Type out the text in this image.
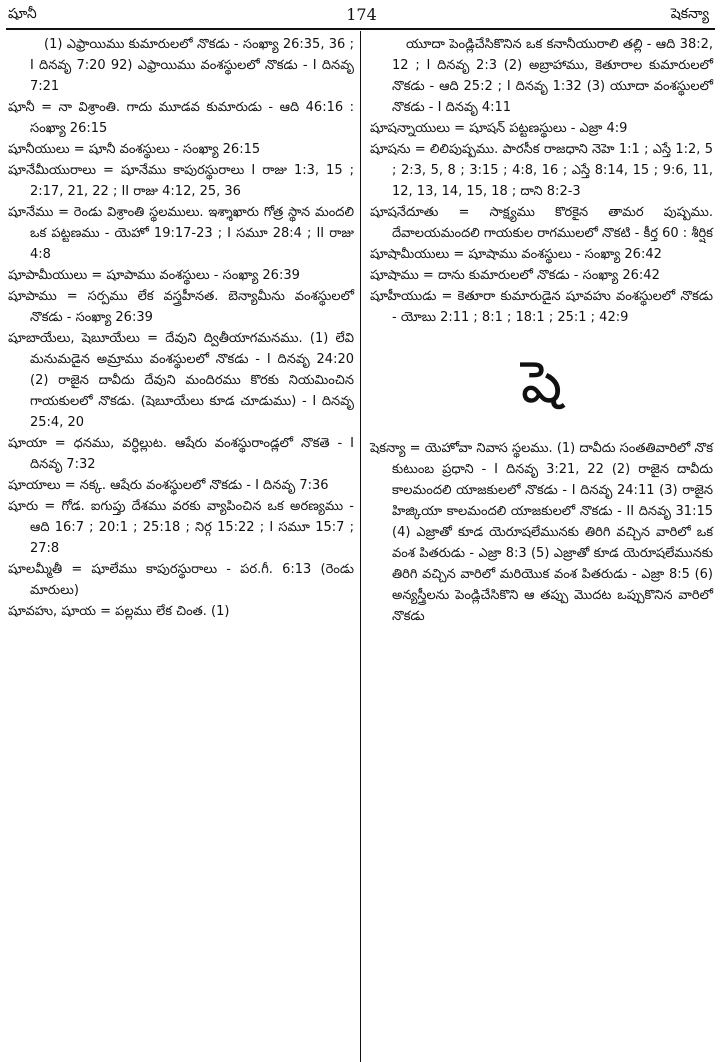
షూనీ	174	షెకన్యా

(1) ఎఫ్రాయిము కుమారులలో నొకడు - సంఖ్యా 26:35, 36 ; I దినవృ 7:20 92) ఎఫ్రాయిము వంశస్థులలో నొకడు - I దినవృ 7:21

షూనీ = నా విశ్రాంతి. గాదు మూడవ కుమారుడు - ఆది 46:16 : సంఖ్యా 26:15

షూనీయులు = షూనీ వంశస్థులు - సంఖ్యా 26:15

షూనేమీయురాలు = షూనేము కాపురస్థురాలు I రాజు 1:3, 15 ; 2:17, 21, 22 ; II రాజు 4:12, 25, 36

షూనేము = రెండు విశ్రాంతి స్థలములు. ఇశ్శాఖారు గోత్ర స్థాన మందలి ఒక పట్టణము - యెహో 19:17-23 ; I సమూ 28:4 ; II రాజు 4:8

షూపామీయులు = షూపాము వంశస్థులు - సంఖ్యా 26:39

షూపాము = సర్పము లేక వస్త్రహీనత. బెన్యామీను వంశస్థులలో నొకడు - సంఖ్యా 26:39

షూబాయేలు, షెబూయేలు = దేవుని ద్వితీయాగమనము. (1) లేవి మనుమడైన అమ్రాము వంశస్థులలో నొకడు - I దినవృ 24:20 (2) రాజైన దావీదు దేవుని మందిరము కొరకు నియమించిన గాయకులలో నొకడు. (షెబూయేలు కూడ చూడుము) - I దినవృ 25:4, 20

షూయా = ధనము, వర్ధిల్లుట. ఆషేరు వంశస్థురాండ్లలో నొకతె - I దినవృ 7:32

షూయాలు = నక్క. ఆషేరు వంశస్థులలో నొకడు - I దినవృ 7:36

షూరు = గోడ. ఐగుప్తు దేశము వరకు వ్యాపించిన ఒక అరణ్యము - ఆది 16:7 ; 20:1 ; 25:18 ; నిర్గ 15:22 ; I సమూ 15:7 ; 27:8

షూలమ్మీతీ = షూలేము కాపురస్థురాలు - పర.గీ. 6:13 (రెండు మారులు)

షూవహు, షూయ = పల్లము లేక చింత. (1)

యూదా పెండ్లిచేసికొనిన ఒక కనానీయురాలి తల్లి - ఆది 38:2, 12 ; I దినవృ 2:3 (2) అబ్రాహాము, కెతూరాల కుమారులలో నొకడు - ఆది 25:2 ; I దినవృ 1:32 (3) యూదా వంశస్థులలో నొకడు - I దినవృ 4:11

షూషన్నాయులు = షూషన్ పట్టణస్థులు - ఎజ్రా 4:9

షూషను = లిలిపుష్పము. పారసీక రాజధాని నెహె 1:1 ; ఎస్తే 1:2, 5 ; 2:3, 5, 8 ; 3:15 ; 4:8, 16 ; ఎస్తే 8:14, 15 ; 9:6, 11, 12, 13, 14, 15, 18 ; దాని 8:2-3

షూషనేదూతు = సాక్ష్యము కొరకైన తామర పుష్పము. దేవాలయమందలి గాయకుల రాగములలో నొకటి - కీర్త 60 : శీర్షిక

షూషామీయులు = షూషాము వంశస్థులు - సంఖ్యా 26:42

షూషాము = దాను కుమారులలో నొకడు - సంఖ్యా 26:42

షూహీయుడు = కెతూరా కుమారుడైన షూవహు వంశస్థులలో నొకడు - యోబు 2:11 ; 8:1 ; 18:1 ; 25:1 ; 42:9

షె

షెకన్యా = యెహోవా నివాస స్థలము. (1) దావీదు సంతతివారిలో నొక కుటుంబ ప్రధాని - I దినవృ 3:21, 22 (2) రాజైన దావీదు కాలమందలి యాజకులలో నొకడు - I దినవృ 24:11 (3) రాజైన హిజ్కియా కాలమందలి యాజకులలో నొకడు - II దినవృ 31:15 (4) ఎజ్రాతో కూడ యెరూషలేమునకు తిరిగి వచ్చిన వారిలో ఒక వంశ పితరుడు - ఎజ్రా 8:3 (5) ఎజ్రాతో కూడ యెరూషలేమునకు తిరిగి వచ్చిన వారిలో మరియొక వంశ పితరుడు - ఎజ్రా 8:5 (6) అన్యస్త్రీలను పెండ్లిచేసికొని ఆ తప్పు మొదట ఒప్పుకొనిన వారిలో నొకడు
